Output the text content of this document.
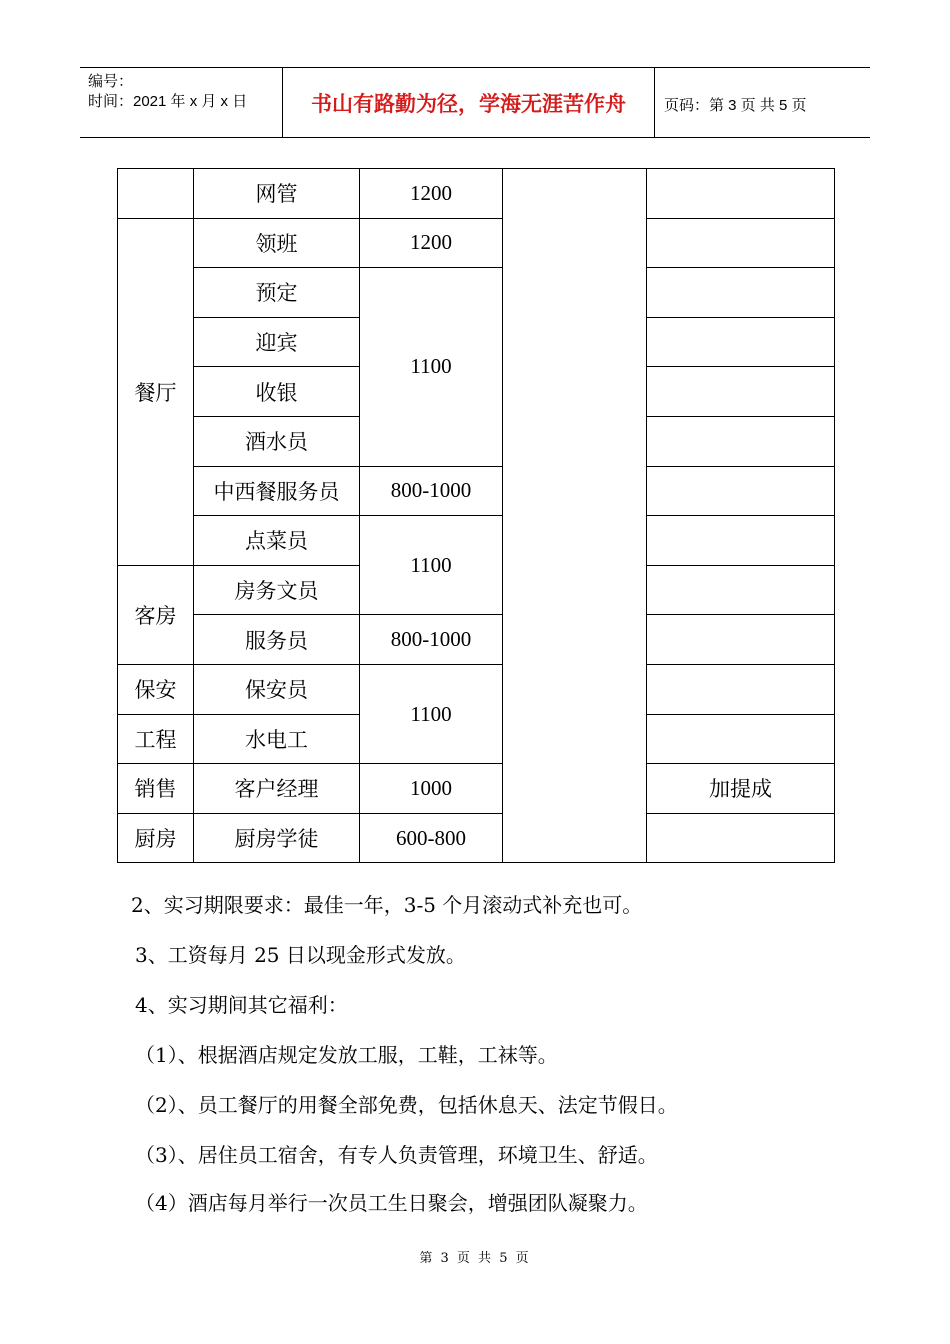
编号：
时间：2021 年 x 月 x 日	书山有路勤为径，学海无涯苦作舟	页码：第 3 页 共 5 页
	网管	1200		
餐厅	领班	1200		
	预定	1100		
	迎宾			
	收银			
	酒水员			
	中西餐服务员	800-1000		
	点菜员	1100		
客房	房务文员			
	服务员	800-1000		
保安	保安员	1100		
工程	水电工			
销售	客户经理	1000		加提成
厨房	厨房学徒	600-800		
2、实习期限要求：最佳一年，3-5 个月滚动式补充也可。
3、工资每月 25 日以现金形式发放。
4、实习期间其它福利：
（1）、根据酒店规定发放工服，工鞋，工袜等。
（2）、员工餐厅的用餐全部免费，包括休息天、法定节假日。
（3）、居住员工宿舍，有专人负责管理，环境卫生、舒适。
（4）酒店每月举行一次员工生日聚会，增强团队凝聚力。
第 3 页 共 5 页
